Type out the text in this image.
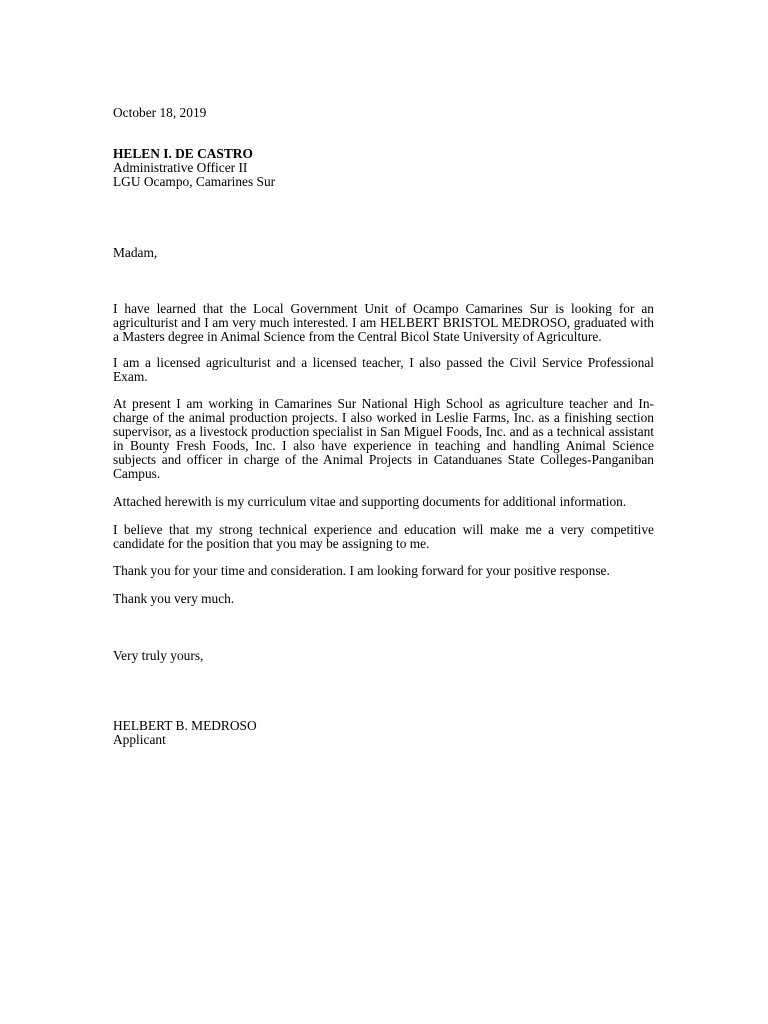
October 18, 2019

HELEN I. DE CASTRO

Administrative Officer II

LGU Ocampo, Camarines Sur

Madam,

I have learned that the Local Government Unit of Ocampo Camarines Sur is looking for an agriculturist and I am very much interested. I am HELBERT BRISTOL MEDROSO, graduated with a Masters degree in Animal Science from the Central Bicol State University of Agriculture.

I am a licensed agriculturist and a licensed teacher, I also passed the Civil Service Professional Exam.

At present I am working in Camarines Sur National High School as agriculture teacher and In-charge of the animal production projects. I also worked in Leslie Farms, Inc. as a finishing section supervisor, as a livestock production specialist in San Miguel Foods, Inc. and as a technical assistant in Bounty Fresh Foods, Inc. I also have experience in teaching and handling Animal Science subjects and officer in charge of the Animal Projects in Catanduanes State Colleges-Panganiban Campus.

Attached herewith is my curriculum vitae and supporting documents for additional information.

I believe that my strong technical experience and education will make me a very competitive candidate for the position that you may be assigning to me.

Thank you for your time and consideration. I am looking forward for your positive response.

Thank you very much.

Very truly yours,

HELBERT B. MEDROSO

Applicant
